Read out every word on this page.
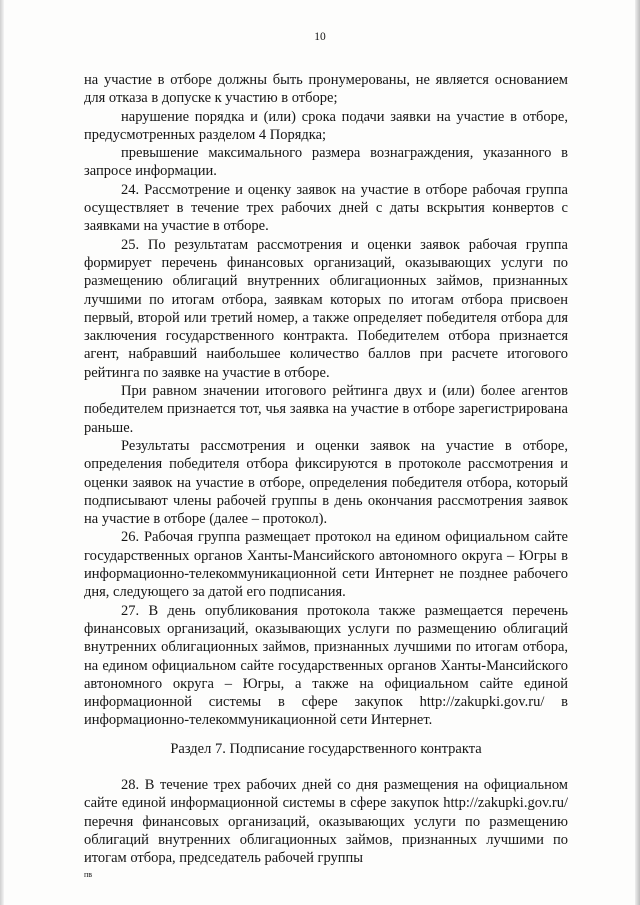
10

на участие в отборе должны быть пронумерованы, не является основанием для отказа в допуске к участию в отборе;

нарушение порядка и (или) срока подачи заявки на участие в отборе, предусмотренных разделом 4 Порядка;

превышение максимального размера вознаграждения, указанного в запросе информации.

24. Рассмотрение и оценку заявок на участие в отборе рабочая группа осуществляет в течение трех рабочих дней с даты вскрытия конвертов с заявками на участие в отборе.

25. По результатам рассмотрения и оценки заявок рабочая группа формирует перечень финансовых организаций, оказывающих услуги по размещению облигаций внутренних облигационных займов, признанных лучшими по итогам отбора, заявкам которых по итогам отбора присвоен первый, второй или третий номер, а также определяет победителя отбора для заключения государственного контракта. Победителем отбора признается агент, набравший наибольшее количество баллов при расчете итогового рейтинга по заявке на участие в отборе.

При равном значении итогового рейтинга двух и (или) более агентов победителем признается тот, чья заявка на участие в отборе зарегистрирована раньше.

Результаты рассмотрения и оценки заявок на участие в отборе, определения победителя отбора фиксируются в протоколе рассмотрения и оценки заявок на участие в отборе, определения победителя отбора, который подписывают члены рабочей группы в день окончания рассмотрения заявок на участие в отборе (далее – протокол).

26. Рабочая группа размещает протокол на едином официальном сайте государственных органов Ханты-Мансийского автономного округа – Югры в информационно-телекоммуникационной сети Интернет не позднее рабочего дня, следующего за датой его подписания.

27. В день опубликования протокола также размещается перечень финансовых организаций, оказывающих услуги по размещению облигаций внутренних облигационных займов, признанных лучшими по итогам отбора, на едином официальном сайте государственных органов Ханты-Мансийского автономного округа – Югры, а также на официальном сайте единой информационной системы в сфере закупок http://zakupki.gov.ru/ в информационно-телекоммуникационной сети Интернет.

Раздел 7. Подписание государственного контракта

28. В течение трех рабочих дней со дня размещения на официальном сайте единой информационной системы в сфере закупок http://zakupki.gov.ru/ перечня финансовых организаций, оказывающих услуги по размещению облигаций внутренних облигационных займов, признанных лучшими по итогам отбора, председатель рабочей группы

пв
